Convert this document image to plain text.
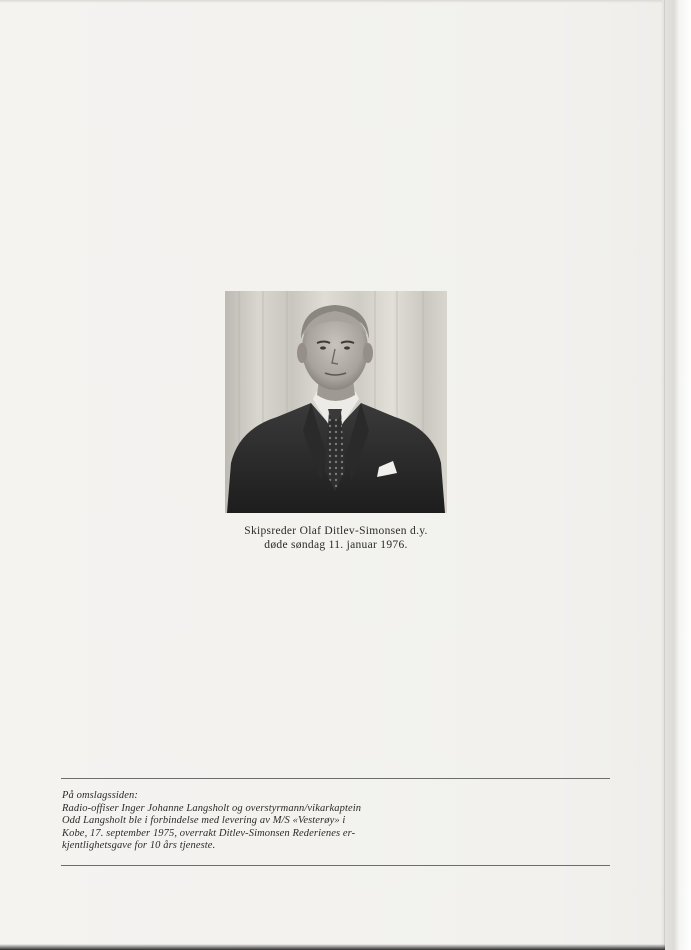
Skipsreder Olaf Ditlev-Simonsen d.y.
døde søndag 11. januar 1976.
På omslagssiden:
Radio-offiser Inger Johanne Langsholt og overstyrmann/vikarkaptein
Odd Langsholt ble i forbindelse med levering av M/S «Vesterøy» i
Kobe, 17. september 1975, overrakt Ditlev-Simonsen Rederienes er-
kjentlighetsgave for 10 års tjeneste.
